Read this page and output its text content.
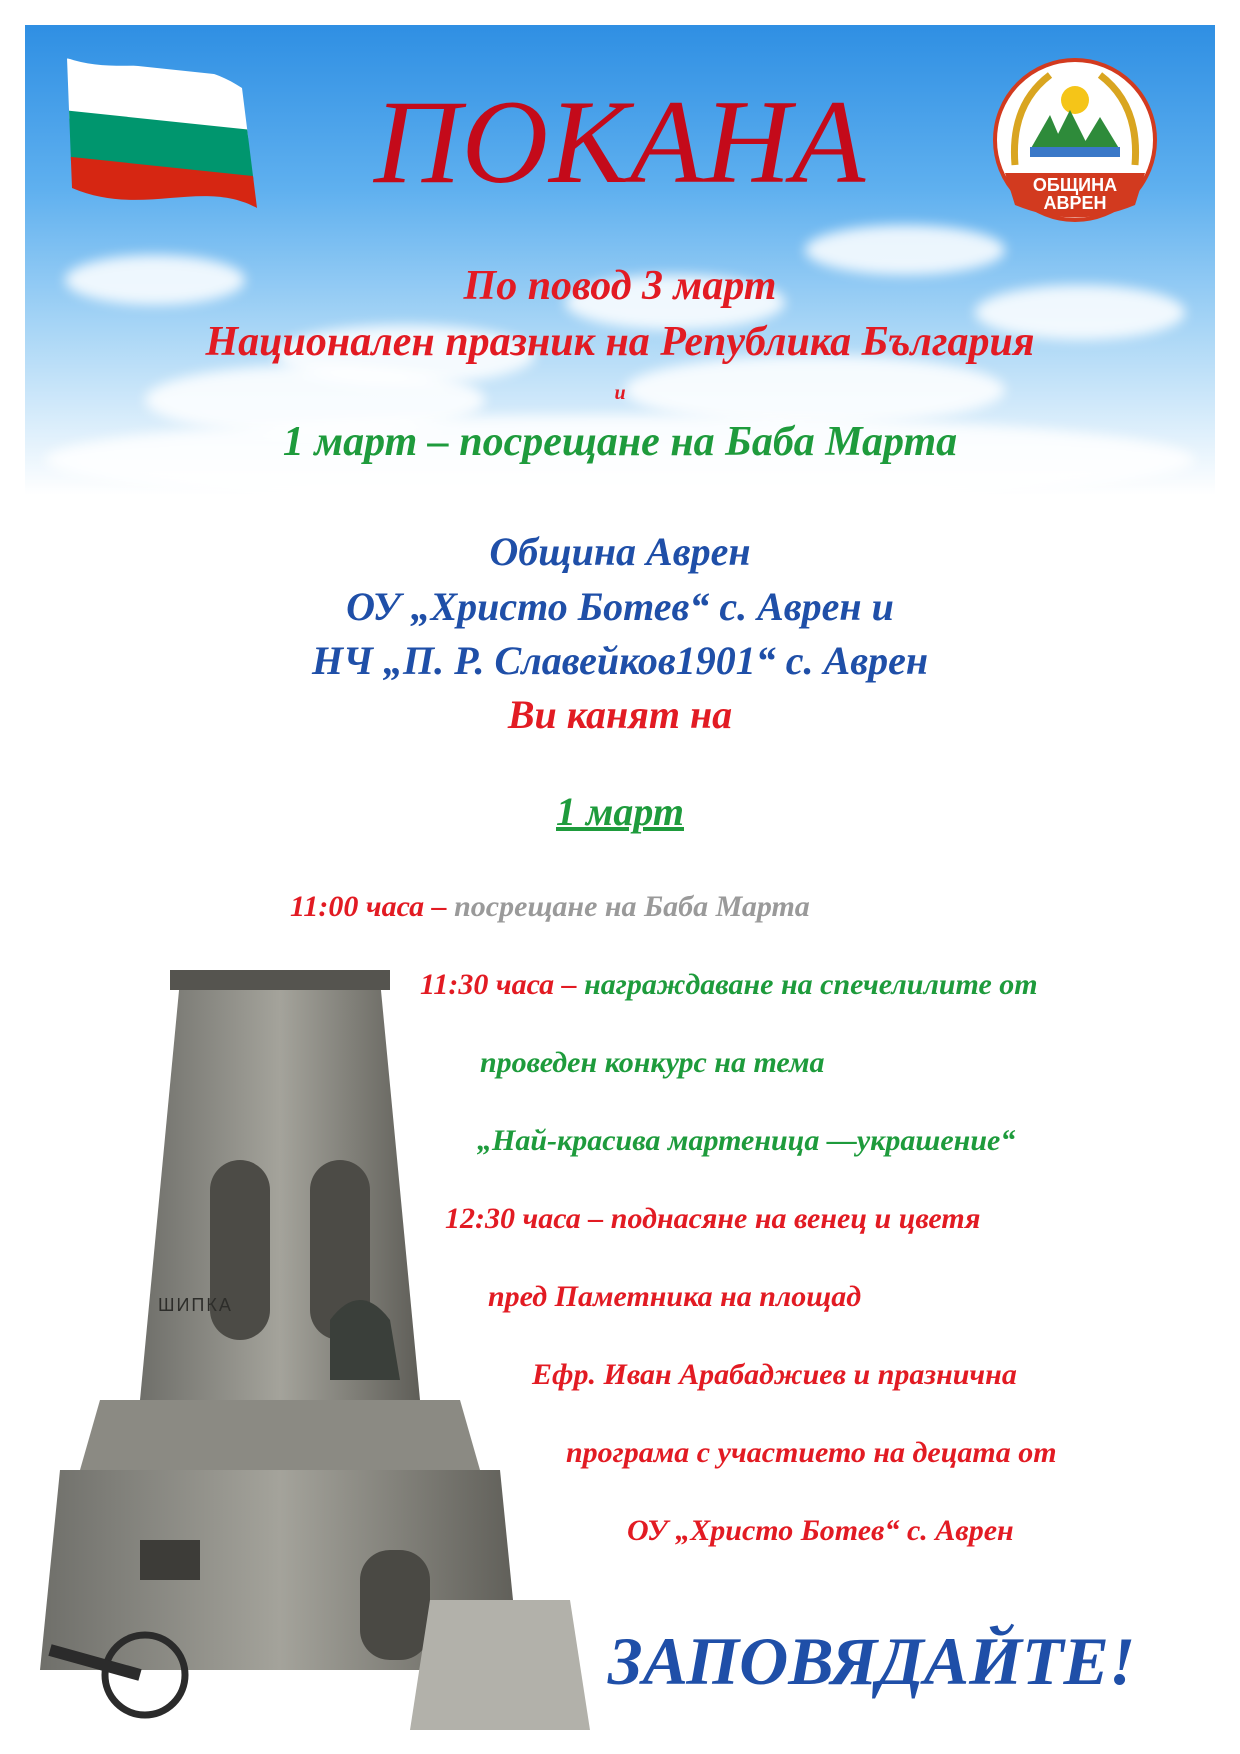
ПОКАНА	ОБЩИНА
АВРЕН
По повод 3 март
Национален празник на Република България
и
1 март – посрещане на Баба Марта
Община Аврен
ОУ „Христо Ботев“ с. Аврен и
НЧ „П. Р. Славейков1901“ с. Аврен
Ви канят на
1 март
ШИПКА
11:00 часа – посрещане на Баба Марта
11:30 часа – награждаване на спечелилите от
проведен конкурс на тема
„Най-красива мартеница —украшение“
12:30 часа – поднасяне на венец и цветя
пред Паметника на площад
Ефр. Иван Арабаджиев и празнична
програма с участието на децата от
ОУ „Христо Ботев“ с. Аврен
ЗАПОВЯДАЙТЕ!
